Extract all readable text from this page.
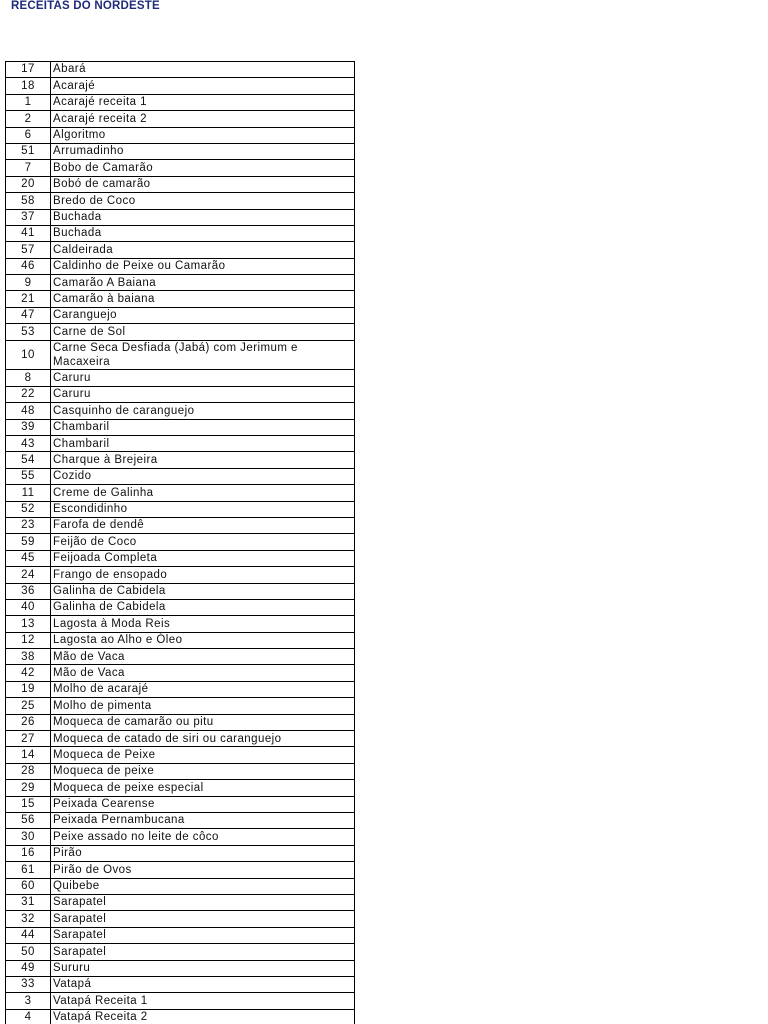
RECEITAS DO NORDESTE
17	Abará
18	Acarajé
1	Acarajé receita 1
2	Acarajé receita 2
6	Algoritmo
51	Arrumadinho
7	Bobo de Camarão
20	Bobó de camarão
58	Bredo de Coco
37	Buchada
41	Buchada
57	Caldeirada
46	Caldinho de Peixe ou Camarão
9	Camarão A Baiana
21	Camarão à baiana
47	Caranguejo
53	Carne de Sol
10	Carne Seca Desfiada (Jabá) com Jerimum e Macaxeira
8	Caruru
22	Caruru
48	Casquinho de caranguejo
39	Chambaril
43	Chambaril
54	Charque à Brejeira
55	Cozido
11	Creme de Galinha
52	Escondidinho
23	Farofa de dendê
59	Feijão de Coco
45	Feijoada Completa
24	Frango de ensopado
36	Galinha de Cabidela
40	Galinha de Cabidela
13	Lagosta à Moda Reis
12	Lagosta ao Alho e Óleo
38	Mão de Vaca
42	Mão de Vaca
19	Molho de acarajé
25	Molho de pimenta
26	Moqueca de camarão ou pitu
27	Moqueca de catado de siri ou caranguejo
14	Moqueca de Peixe
28	Moqueca de peixe
29	Moqueca de peixe especial
15	Peixada Cearense
56	Peixada Pernambucana
30	Peixe assado no leite de côco
16	Pirão
61	Pirão de Ovos
60	Quibebe
31	Sarapatel
32	Sarapatel
44	Sarapatel
50	Sarapatel
49	Sururu
33	Vatapá
3	Vatapá Receita 1
4	Vatapá Receita 2
